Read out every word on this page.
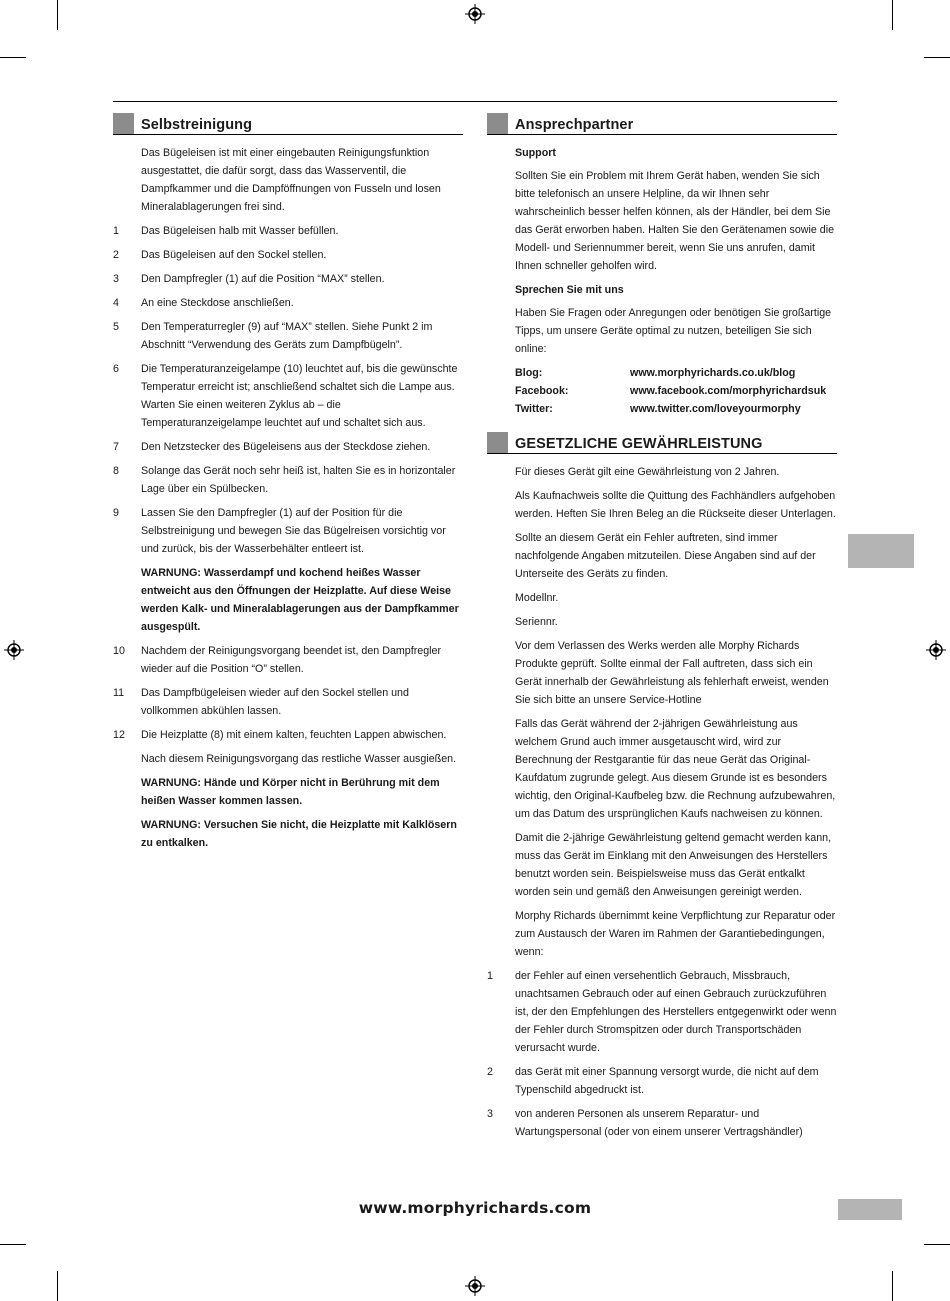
Selbstreinigung

Das Bügeleisen ist mit einer eingebauten Reinigungsfunktion ausgestattet, die dafür sorgt, dass das Wasserventil, die Dampfkammer und die Dampföffnungen von Fusseln und losen Mineralablagerungen frei sind.

1	Das Bügeleisen halb mit Wasser befüllen.
2	Das Bügeleisen auf den Sockel stellen.
3	Den Dampfregler (1) auf die Position “MAX” stellen.
4	An eine Steckdose anschließen.
5	Den Temperaturregler (9) auf “MAX” stellen. Siehe Punkt 2 im Abschnitt “Verwendung des Geräts zum Dampfbügeln”.
6	Die Temperaturanzeigelampe (10) leuchtet auf, bis die gewünschte Temperatur erreicht ist; anschließend schaltet sich die Lampe aus. Warten Sie einen weiteren Zyklus ab – die Temperaturanzeigelampe leuchtet auf und schaltet sich aus.
7	Den Netzstecker des Bügeleisens aus der Steckdose ziehen.
8	Solange das Gerät noch sehr heiß ist, halten Sie es in horizontaler Lage über ein Spülbecken.
9	Lassen Sie den Dampfregler (1) auf der Position für die Selbstreinigung und bewegen Sie das Bügelreisen vorsichtig vor und zurück, bis der Wasserbehälter entleert ist.

WARNUNG: Wasserdampf und kochend heißes Wasser entweicht aus den Öffnungen der Heizplatte. Auf diese Weise werden Kalk- und Mineralablagerungen aus der Dampfkammer ausgespült.

10	Nachdem der Reinigungsvorgang beendet ist, den Dampfregler wieder auf die Position “O” stellen.
11	Das Dampfbügeleisen wieder auf den Sockel stellen und vollkommen abkühlen lassen.
12	Die Heizplatte (8) mit einem kalten, feuchten Lappen abwischen.

Nach diesem Reinigungsvorgang das restliche Wasser ausgießen.

WARNUNG: Hände und Körper nicht in Berührung mit dem heißen Wasser kommen lassen.

WARNUNG: Versuchen Sie nicht, die Heizplatte mit Kalklösern zu entkalken.

Ansprechpartner
Support

Sollten Sie ein Problem mit Ihrem Gerät haben, wenden Sie sich bitte telefonisch an unsere Helpline, da wir Ihnen sehr wahrscheinlich besser helfen können, als der Händler, bei dem Sie das Gerät erworben haben. Halten Sie den Gerätenamen sowie die Modell- und Seriennummer bereit, wenn Sie uns anrufen, damit Ihnen schneller geholfen wird.

Sprechen Sie mit uns

Haben Sie Fragen oder Anregungen oder benötigen Sie großartige Tipps, um unsere Geräte optimal zu nutzen, beteiligen Sie sich online:

Blog:	www.morphyrichards.co.uk/blog
Facebook:	www.facebook.com/morphyrichardsuk
Twitter:	www.twitter.com/loveyourmorphy
GESETZLICHE GEWÄHRLEISTUNG

Für dieses Gerät gilt eine Gewährleistung von 2 Jahren.

Als Kaufnachweis sollte die Quittung des Fachhändlers aufgehoben werden. Heften Sie Ihren Beleg an die Rückseite dieser Unterlagen.

Sollte an diesem Gerät ein Fehler auftreten, sind immer nachfolgende Angaben mitzuteilen. Diese Angaben sind auf der Unterseite des Geräts zu finden.

Modellnr.

Seriennr.

Vor dem Verlassen des Werks werden alle Morphy Richards Produkte geprüft. Sollte einmal der Fall auftreten, dass sich ein Gerät innerhalb der Gewährleistung als fehlerhaft erweist, wenden Sie sich bitte an unsere Service-Hotline

Falls das Gerät während der 2-jährigen Gewährleistung aus welchem Grund auch immer ausgetauscht wird, wird zur Berechnung der Restgarantie für das neue Gerät das Original-Kaufdatum zugrunde gelegt. Aus diesem Grunde ist es besonders wichtig, den Original-Kaufbeleg bzw. die Rechnung aufzubewahren, um das Datum des ursprünglichen Kaufs nachweisen zu können.

Damit die 2-jährige Gewährleistung geltend gemacht werden kann, muss das Gerät im Einklang mit den Anweisungen des Herstellers benutzt worden sein. Beispielsweise muss das Gerät entkalkt worden sein und gemäß den Anweisungen gereinigt werden.

Morphy Richards übernimmt keine Verpflichtung zur Reparatur oder zum Austausch der Waren im Rahmen der Garantiebedingungen, wenn:

1	der Fehler auf einen versehentlich Gebrauch, Missbrauch, unachtsamen Gebrauch oder auf einen Gebrauch zurückzuführen ist, der den Empfehlungen des Herstellers entgegenwirkt oder wenn der Fehler durch Stromspitzen oder durch Transportschäden verursacht wurde.
2	das Gerät mit einer Spannung versorgt wurde, die nicht auf dem Typenschild abgedruckt ist.
3	von anderen Personen als unserem Reparatur- und Wartungspersonal (oder von einem unserer Vertragshändler)
www.morphyrichards.com
